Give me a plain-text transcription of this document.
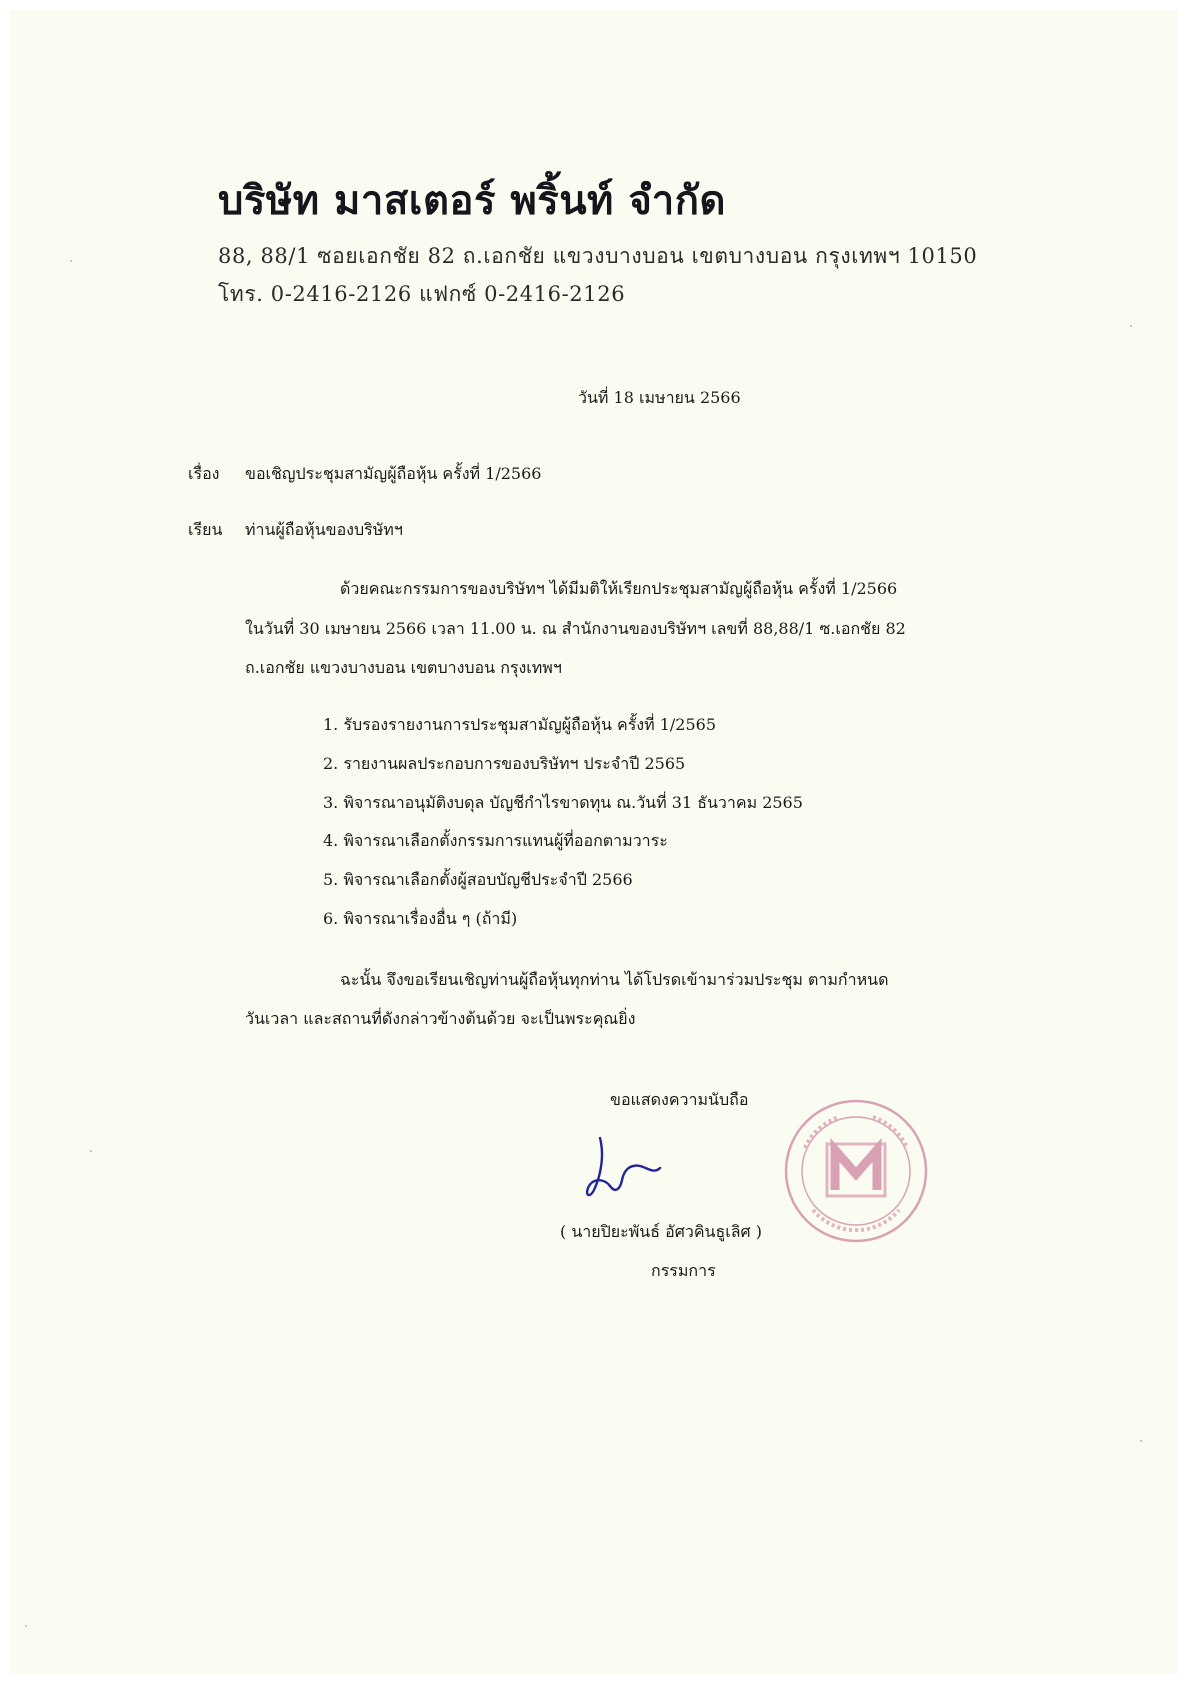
บริษัท มาสเตอร์ พริ้นท์ จำกัด
88, 88/1 ซอยเอกชัย 82 ถ.เอกชัย แขวงบางบอน เขตบางบอน กรุงเทพฯ 10150
โทร. 0-2416-2126 แฟกซ์ 0-2416-2126
วันที่ 18 เมษายน 2566
เรื่อง ขอเชิญประชุมสามัญผู้ถือหุ้น ครั้งที่ 1/2566
เรียน ท่านผู้ถือหุ้นของบริษัทฯ
ด้วยคณะกรรมการของบริษัทฯ ได้มีมติให้เรียกประชุมสามัญผู้ถือหุ้น ครั้งที่ 1/2566
ในวันที่ 30 เมษายน 2566 เวลา 11.00 น. ณ สำนักงานของบริษัทฯ เลขที่ 88,88/1 ซ.เอกชัย 82
ถ.เอกชัย แขวงบางบอน เขตบางบอน กรุงเทพฯ
1. รับรองรายงานการประชุมสามัญผู้ถือหุ้น ครั้งที่ 1/2565
2. รายงานผลประกอบการของบริษัทฯ ประจำปี 2565
3. พิจารณาอนุมัติงบดุล บัญชีกำไรขาดทุน ณ.วันที่ 31 ธันวาคม 2565
4. พิจารณาเลือกตั้งกรรมการแทนผู้ที่ออกตามวาระ
5. พิจารณาเลือกตั้งผู้สอบบัญชีประจำปี 2566
6. พิจารณาเรื่องอื่น ๆ (ถ้ามี)
ฉะนั้น จึงขอเรียนเชิญท่านผู้ถือหุ้นทุกท่าน ได้โปรดเข้ามาร่วมประชุม ตามกำหนด
วันเวลา และสถานที่ดังกล่าวข้างต้นด้วย จะเป็นพระคุณยิ่ง
ขอแสดงความนับถือ
( นายปิยะพันธ์ อัศวคินธูเลิศ )
กรรมการ
